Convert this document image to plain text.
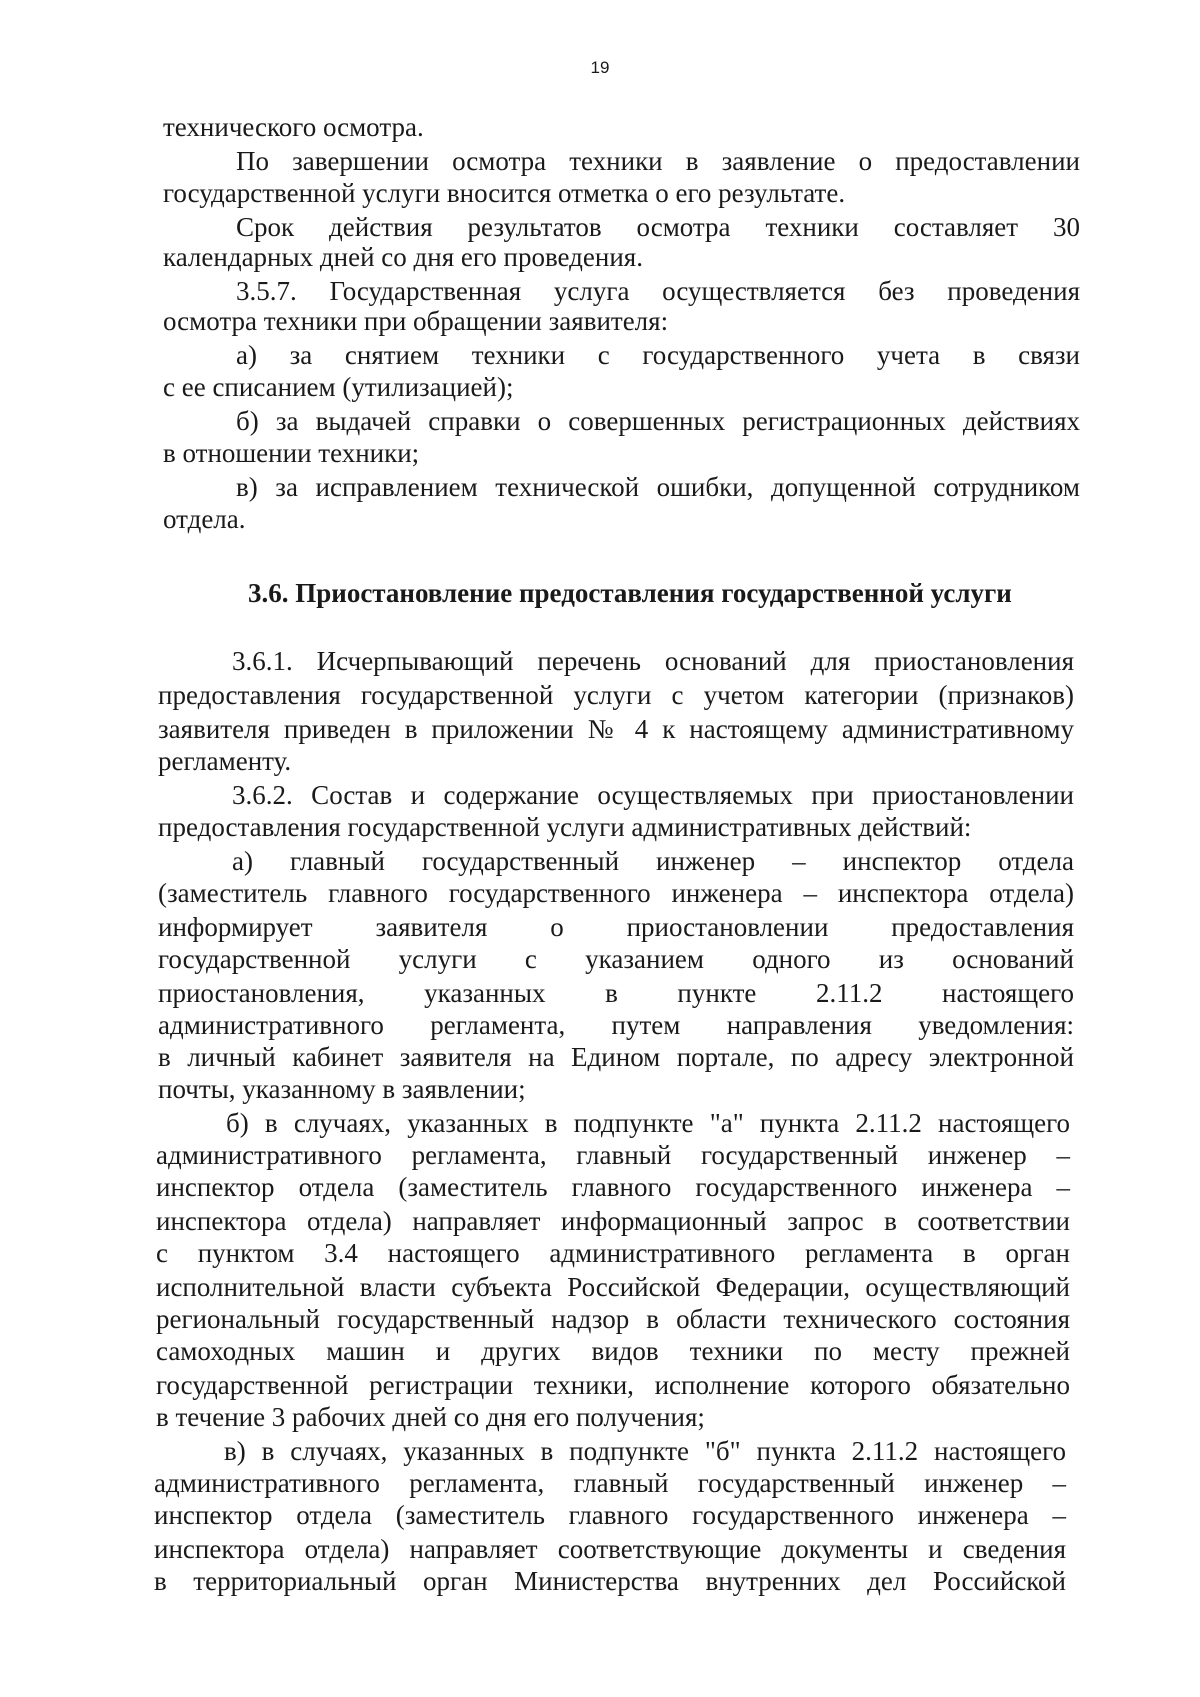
19
технического осмотра.
По завершении осмотра техники в заявление о предоставлении
государственной услуги вносится отметка о его результате.
Срок действия результатов осмотра техники составляет 30
календарных дней со дня его проведения.
3.5.7. Государственная услуга осуществляется без проведения
осмотра техники при обращении заявителя:
а) за снятием техники с государственного учета в связи
с ее списанием (утилизацией);
б) за выдачей справки о совершенных регистрационных действиях
в отношении техники;
в) за исправлением технической ошибки, допущенной сотрудником
отдела.
3.6. Приостановление предоставления государственной услуги
3.6.1. Исчерпывающий перечень оснований для приостановления
предоставления государственной услуги с учетом категории (признаков)
заявителя приведен в приложении № 4 к настоящему административному
регламенту.
3.6.2. Состав и содержание осуществляемых при приостановлении
предоставления государственной услуги административных действий:
а) главный государственный инженер – инспектор отдела
(заместитель главного государственного инженера – инспектора отдела)
информирует заявителя о приостановлении предоставления
государственной услуги с указанием одного из оснований
приостановления, указанных в пункте 2.11.2 настоящего
административного регламента, путем направления уведомления:
в личный кабинет заявителя на Едином портале, по адресу электронной
почты, указанному в заявлении;
б) в случаях, указанных в подпункте "а" пункта 2.11.2 настоящего
административного регламента, главный государственный инженер –
инспектор отдела (заместитель главного государственного инженера –
инспектора отдела) направляет информационный запрос в соответствии
с пунктом 3.4 настоящего административного регламента в орган
исполнительной власти субъекта Российской Федерации, осуществляющий
региональный государственный надзор в области технического состояния
самоходных машин и других видов техники по месту прежней
государственной регистрации техники, исполнение которого обязательно
в течение 3 рабочих дней со дня его получения;
в) в случаях, указанных в подпункте "б" пункта 2.11.2 настоящего
административного регламента, главный государственный инженер –
инспектор отдела (заместитель главного государственного инженера –
инспектора отдела) направляет соответствующие документы и сведения
в территориальный орган Министерства внутренних дел Российской
